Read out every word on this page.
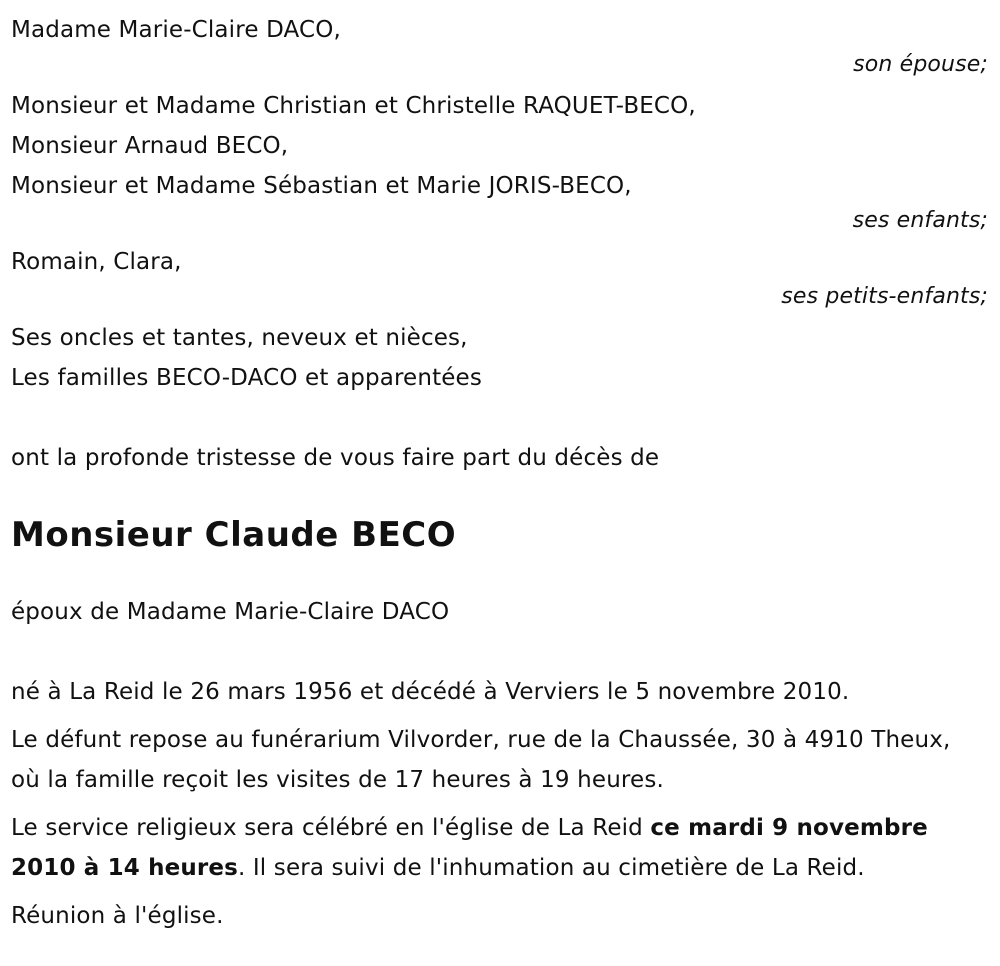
Madame Marie-Claire DACO,
son épouse;
Monsieur et Madame Christian et Christelle RAQUET-BECO,
Monsieur Arnaud BECO,
Monsieur et Madame Sébastian et Marie JORIS-BECO,
ses enfants;
Romain, Clara,
ses petits-enfants;
Ses oncles et tantes, neveux et nièces,
Les familles BECO-DACO et apparentées
ont la profonde tristesse de vous faire part du décès de
Monsieur Claude BECO
époux de Madame Marie-Claire DACO
né à La Reid le 26 mars 1956 et décédé à Verviers le 5 novembre 2010.
Le défunt repose au funérarium Vilvorder, rue de la Chaussée, 30 à 4910 Theux, où la famille reçoit les visites de 17 heures à 19 heures.
Le service religieux sera célébré en l'église de La Reid ce mardi 9 novembre 2010 à 14 heures. Il sera suivi de l'inhumation au cimetière de La Reid.
Réunion à l'église.
